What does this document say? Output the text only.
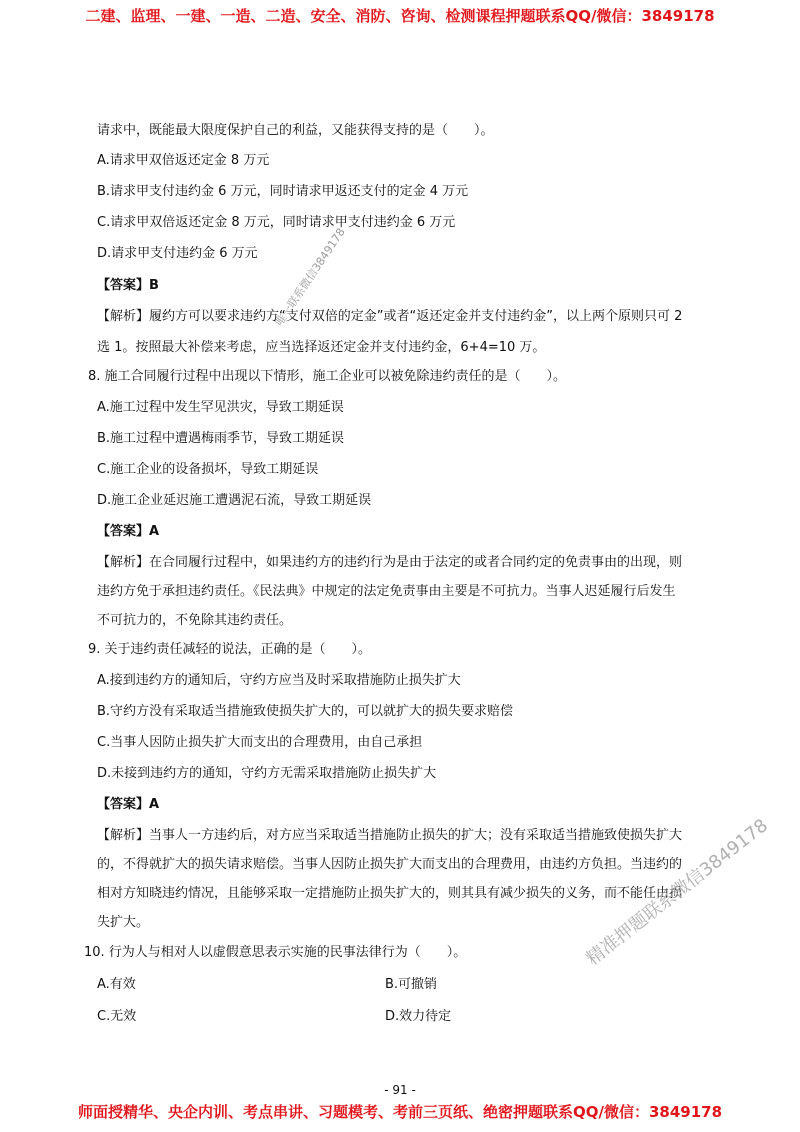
二建、监理、一建、一造、二造、安全、消防、咨询、检测课程押题联系QQ/微信：3849178
请求中，既能最大限度保护自己的利益，又能获得支持的是（　　）。
A.请求甲双倍返还定金 8 万元
B.请求甲支付违约金 6 万元，同时请求甲返还支付的定金 4 万元
C.请求甲双倍返还定金 8 万元，同时请求甲支付违约金 6 万元
D.请求甲支付违约金 6 万元
【答案】B
【解析】履约方可以要求违约方“支付双倍的定金”或者“返还定金并支付违约金”，以上两个原则只可 2
选 1。按照最大补偿来考虑，应当选择返还定金并支付违约金，6+4=10 万。
8. 施工合同履行过程中出现以下情形，施工企业可以被免除违约责任的是（　　）。
A.施工过程中发生罕见洪灾，导致工期延误
B.施工过程中遭遇梅雨季节，导致工期延误
C.施工企业的设备损坏，导致工期延误
D.施工企业延迟施工遭遇泥石流，导致工期延误
【答案】A
【解析】在合同履行过程中，如果违约方的违约行为是由于法定的或者合同约定的免责事由的出现，则
违约方免于承担违约责任。《民法典》中规定的法定免责事由主要是不可抗力。当事人迟延履行后发生
不可抗力的，不免除其违约责任。
9. 关于违约责任减轻的说法，正确的是（　　）。
A.接到违约方的通知后，守约方应当及时采取措施防止损失扩大
B.守约方没有采取适当措施致使损失扩大的，可以就扩大的损失要求赔偿
C.当事人因防止损失扩大而支出的合理费用，由自己承担
D.未接到违约方的通知，守约方无需采取措施防止损失扩大
【答案】A
【解析】当事人一方违约后，对方应当采取适当措施防止损失的扩大；没有采取适当措施致使损失扩大
的，不得就扩大的损失请求赔偿。当事人因防止损失扩大而支出的合理费用，由违约方负担。当违约的
相对方知晓违约情况，且能够采取一定措施防止损失扩大的，则其具有减少损失的义务，而不能任由损
失扩大。
10. 行为人与相对人以虚假意思表示实施的民事法律行为（　　）。
A.有效	B.可撤销
C.无效	D.效力待定
唯一联系微信3849178
精准押题联系微信3849178
- 91 -
师面授精华、央企内训、考点串讲、习题模考、考前三页纸、绝密押题联系QQ/微信：3849178
